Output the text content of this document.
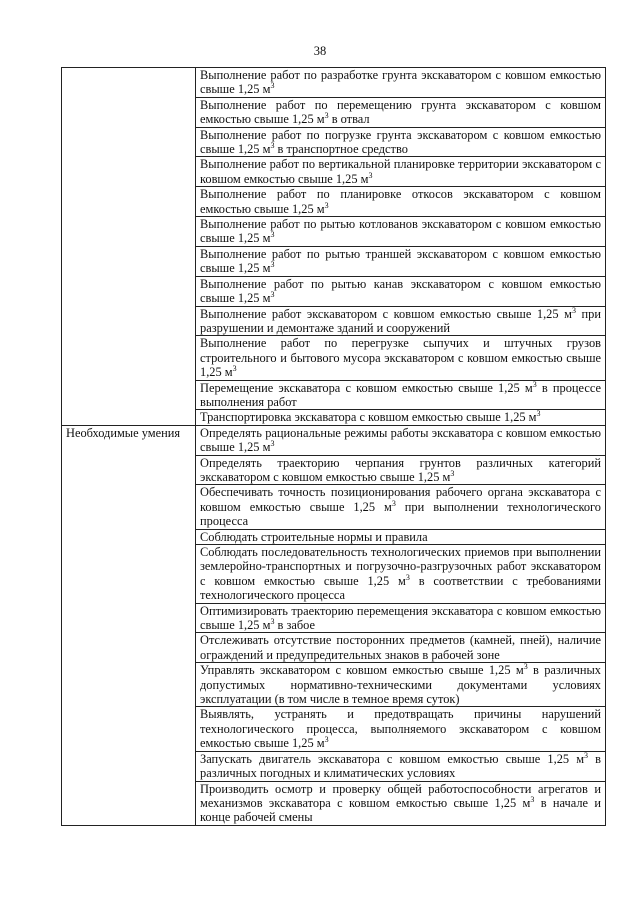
38
	Выполнение работ по разработке грунта экскаватором с ковшом емкостью свыше 1,25 $м^3$
	Выполнение работ по перемещению грунта экскаватором с ковшом емкостью свыше 1,25 $м^3$ в отвал
	Выполнение работ по погрузке грунта экскаватором с ковшом емкостью свыше 1,25 $м^3$ в транспортное средство
	Выполнение работ по вертикальной планировке территории экскаватором с ковшом емкостью свыше 1,25 $м^3$
	Выполнение работ по планировке откосов экскаватором с ковшом емкостью свыше 1,25 $м^3$
	Выполнение работ по рытью котлованов экскаватором с ковшом емкостью свыше 1,25 $м^3$
	Выполнение работ по рытью траншей экскаватором с ковшом емкостью свыше 1,25 $м^3$
	Выполнение работ по рытью канав экскаватором с ковшом емкостью свыше 1,25 $м^3$
	Выполнение работ экскаватором с ковшом емкостью свыше 1,25 $м^3$ при разрушении и демонтаже зданий и сооружений
	Выполнение работ по перегрузке сыпучих и штучных грузов строительного и бытового мусора экскаватором с ковшом емкостью свыше 1,25 $м^3$
	Перемещение экскаватора с ковшом емкостью свыше 1,25 $м^3$ в процессе выполнения работ
	Транспортировка экскаватора с ковшом емкостью свыше 1,25 $м^3$
Необходимые умения	Определять рациональные режимы работы экскаватора с ковшом емкостью свыше 1,25 $м^3$
	Определять траекторию черпания грунтов различных категорий экскаватором с ковшом емкостью свыше 1,25 $м^3$
	Обеспечивать точность позиционирования рабочего органа экскаватора с ковшом емкостью свыше 1,25 $м^3$ при выполнении технологического процесса
	Соблюдать строительные нормы и правила
	Соблюдать последовательность технологических приемов при выполнении землеройно-транспортных и погрузочно-разгрузочных работ экскаватором с ковшом емкостью свыше 1,25 $м^3$ в соответствии с требованиями технологического процесса
	Оптимизировать траекторию перемещения экскаватора с ковшом емкостью свыше 1,25 $м^3$ в забое
	Отслеживать отсутствие посторонних предметов (камней, пней), наличие ограждений и предупредительных знаков в рабочей зоне
	Управлять экскаватором с ковшом емкостью свыше 1,25 $м^3$ в различных допустимых нормативно-техническими документами условиях эксплуатации (в том числе в темное время суток)
	Выявлять, устранять и предотвращать причины нарушений технологического процесса, выполняемого экскаватором с ковшом емкостью свыше 1,25 $м^3$
	Запускать двигатель экскаватора с ковшом емкостью свыше 1,25 $м^3$ в различных погодных и климатических условиях
	Производить осмотр и проверку общей работоспособности агрегатов и механизмов экскаватора с ковшом емкостью свыше 1,25 $м^3$ в начале и конце рабочей смены
